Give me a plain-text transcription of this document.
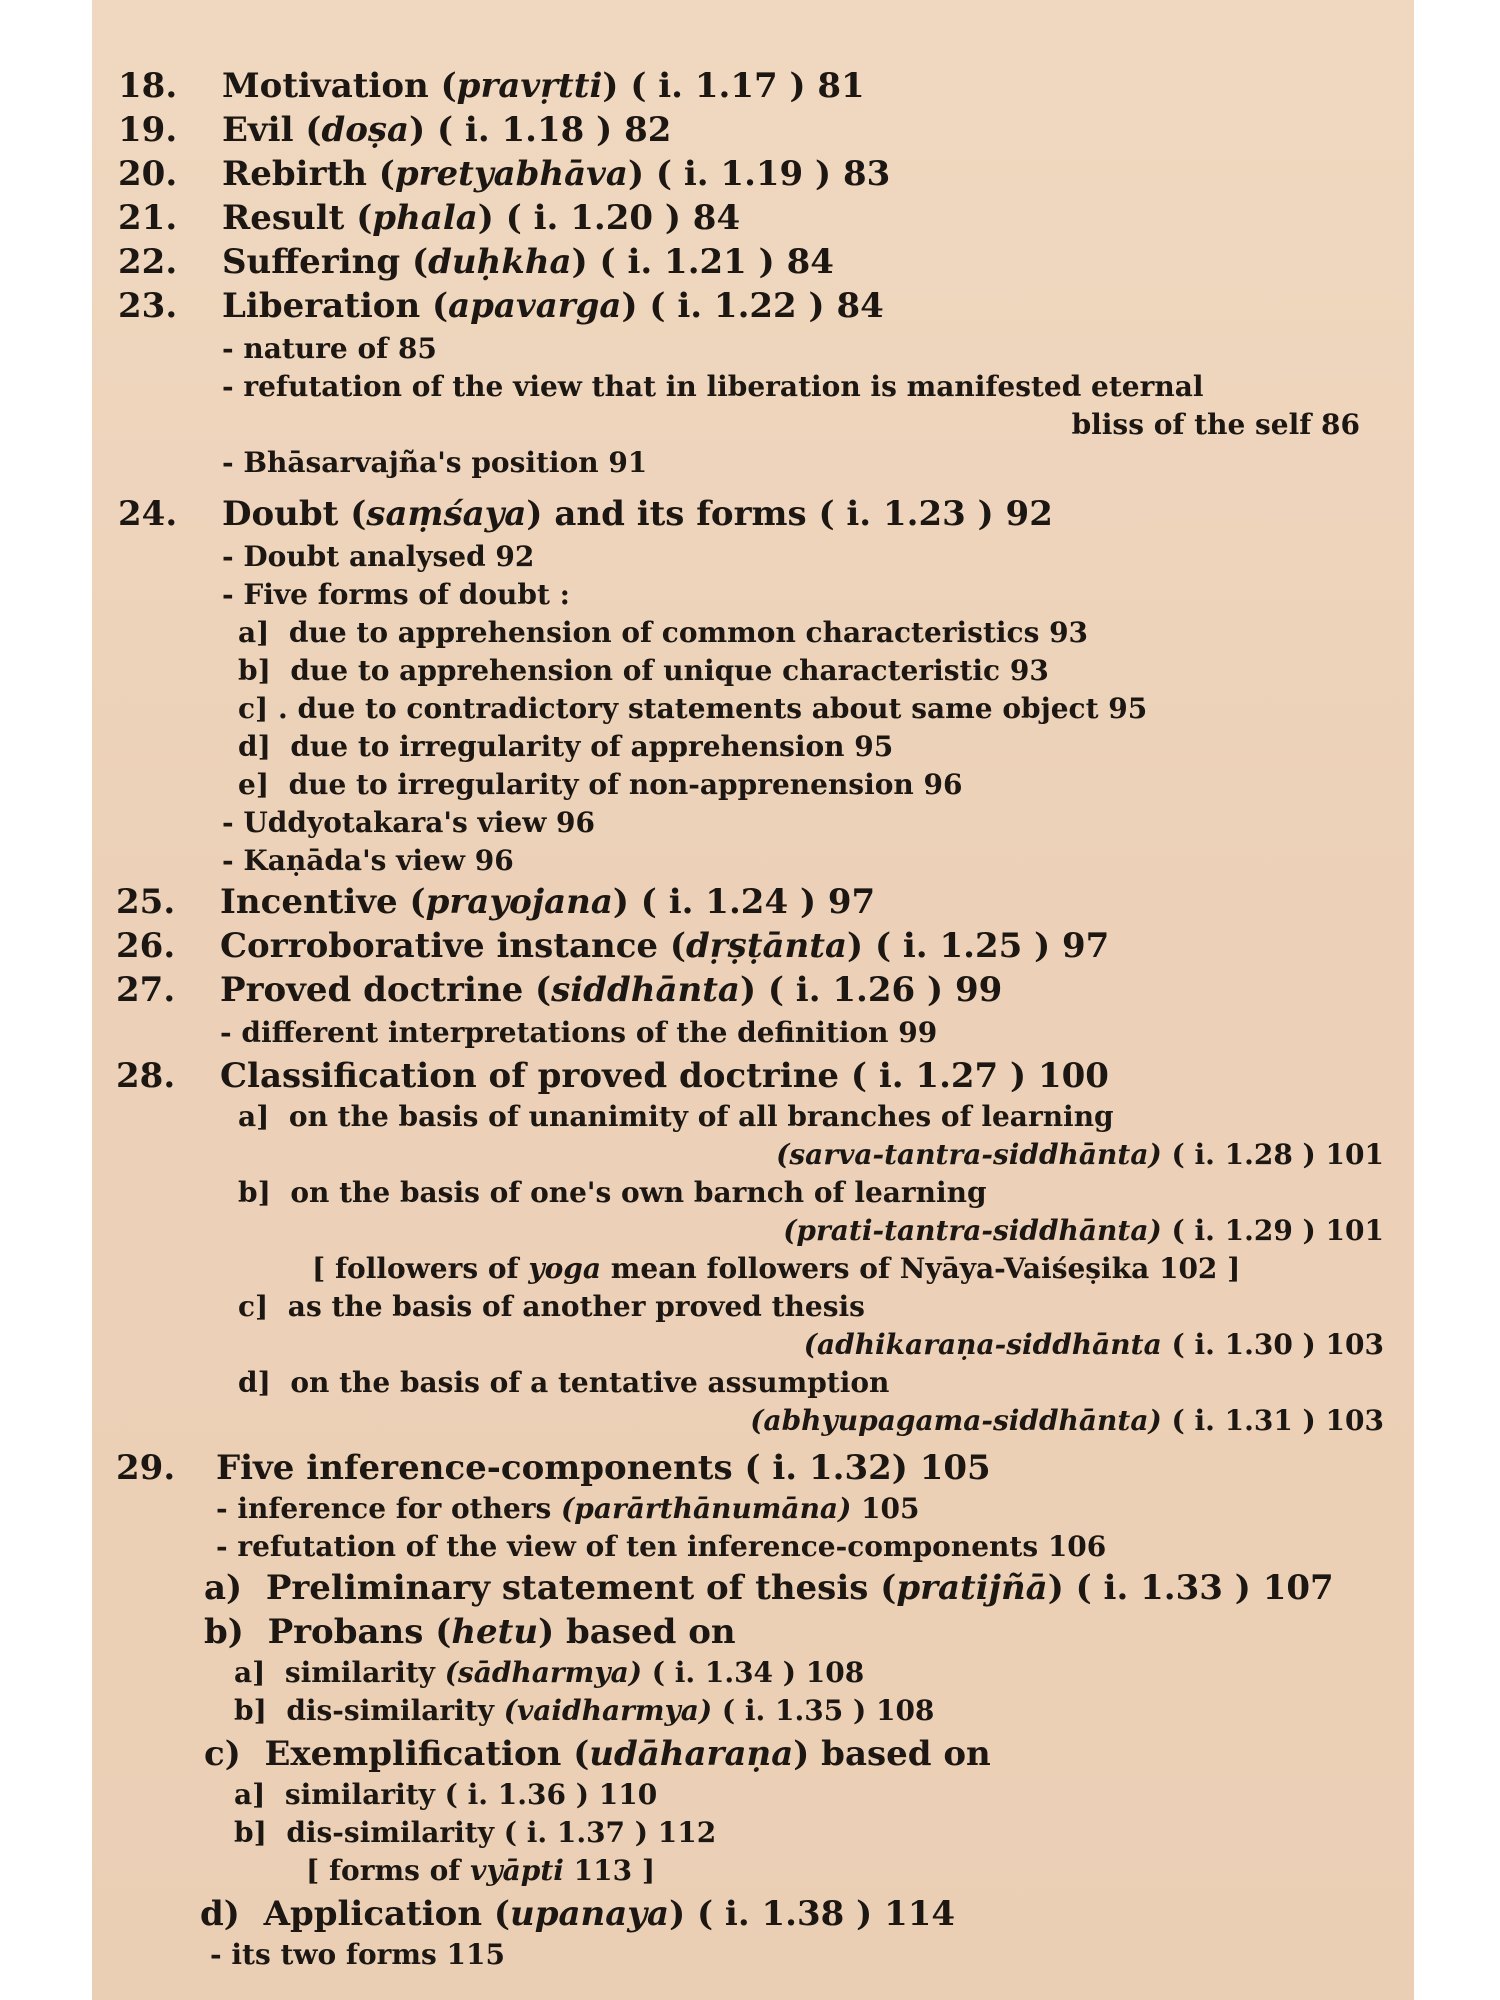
18. Motivation (pravṛtti) ( i. 1.17 ) 81
19. Evil (doṣa) ( i. 1.18 ) 82
20. Rebirth (pretyabhāva) ( i. 1.19 ) 83
21. Result (phala) ( i. 1.20 ) 84
22. Suffering (duḥkha) ( i. 1.21 ) 84
23. Liberation (apavarga) ( i. 1.22 ) 84
- nature of 85
- refutation of the view that in liberation is manifested eternal
bliss of the self 86
- Bhāsarvajña's position 91
24. Doubt (saṃśaya) and its forms ( i. 1.23 ) 92
- Doubt analysed 92
- Five forms of doubt :
a] due to apprehension of common characteristics 93
b] due to apprehension of unique characteristic 93
c] . due to contradictory statements about same object 95
d] due to irregularity of apprehension 95
e] due to irregularity of non-apprenension 96
- Uddyotakara's view 96
- Kaṇāda's view 96
25. Incentive (prayojana) ( i. 1.24 ) 97
26. Corroborative instance (dṛṣṭānta) ( i. 1.25 ) 97
27. Proved doctrine (siddhānta) ( i. 1.26 ) 99
- different interpretations of the definition 99
28. Classification of proved doctrine ( i. 1.27 ) 100
a] on the basis of unanimity of all branches of learning
(sarva-tantra-siddhānta) ( i. 1.28 ) 101
b] on the basis of one's own barnch of learning
(prati-tantra-siddhānta) ( i. 1.29 ) 101
[ followers of yoga mean followers of Nyāya-Vaiśeṣika 102 ]
c] as the basis of another proved thesis
(adhikaraṇa-siddhānta ( i. 1.30 ) 103
d] on the basis of a tentative assumption
(abhyupagama-siddhānta) ( i. 1.31 ) 103
29. Five inference-components ( i. 1.32) 105
- inference for others (parārthānumāna) 105
- refutation of the view of ten inference-components 106
a) Preliminary statement of thesis (pratijñā) ( i. 1.33 ) 107
b) Probans (hetu) based on
a] similarity (sādharmya) ( i. 1.34 ) 108
b] dis-similarity (vaidharmya) ( i. 1.35 ) 108
c) Exemplification (udāharaṇa) based on
a] similarity ( i. 1.36 ) 110
b] dis-similarity ( i. 1.37 ) 112
[ forms of vyāpti 113 ]
d) Application (upanaya) ( i. 1.38 ) 114
- its two forms 115
